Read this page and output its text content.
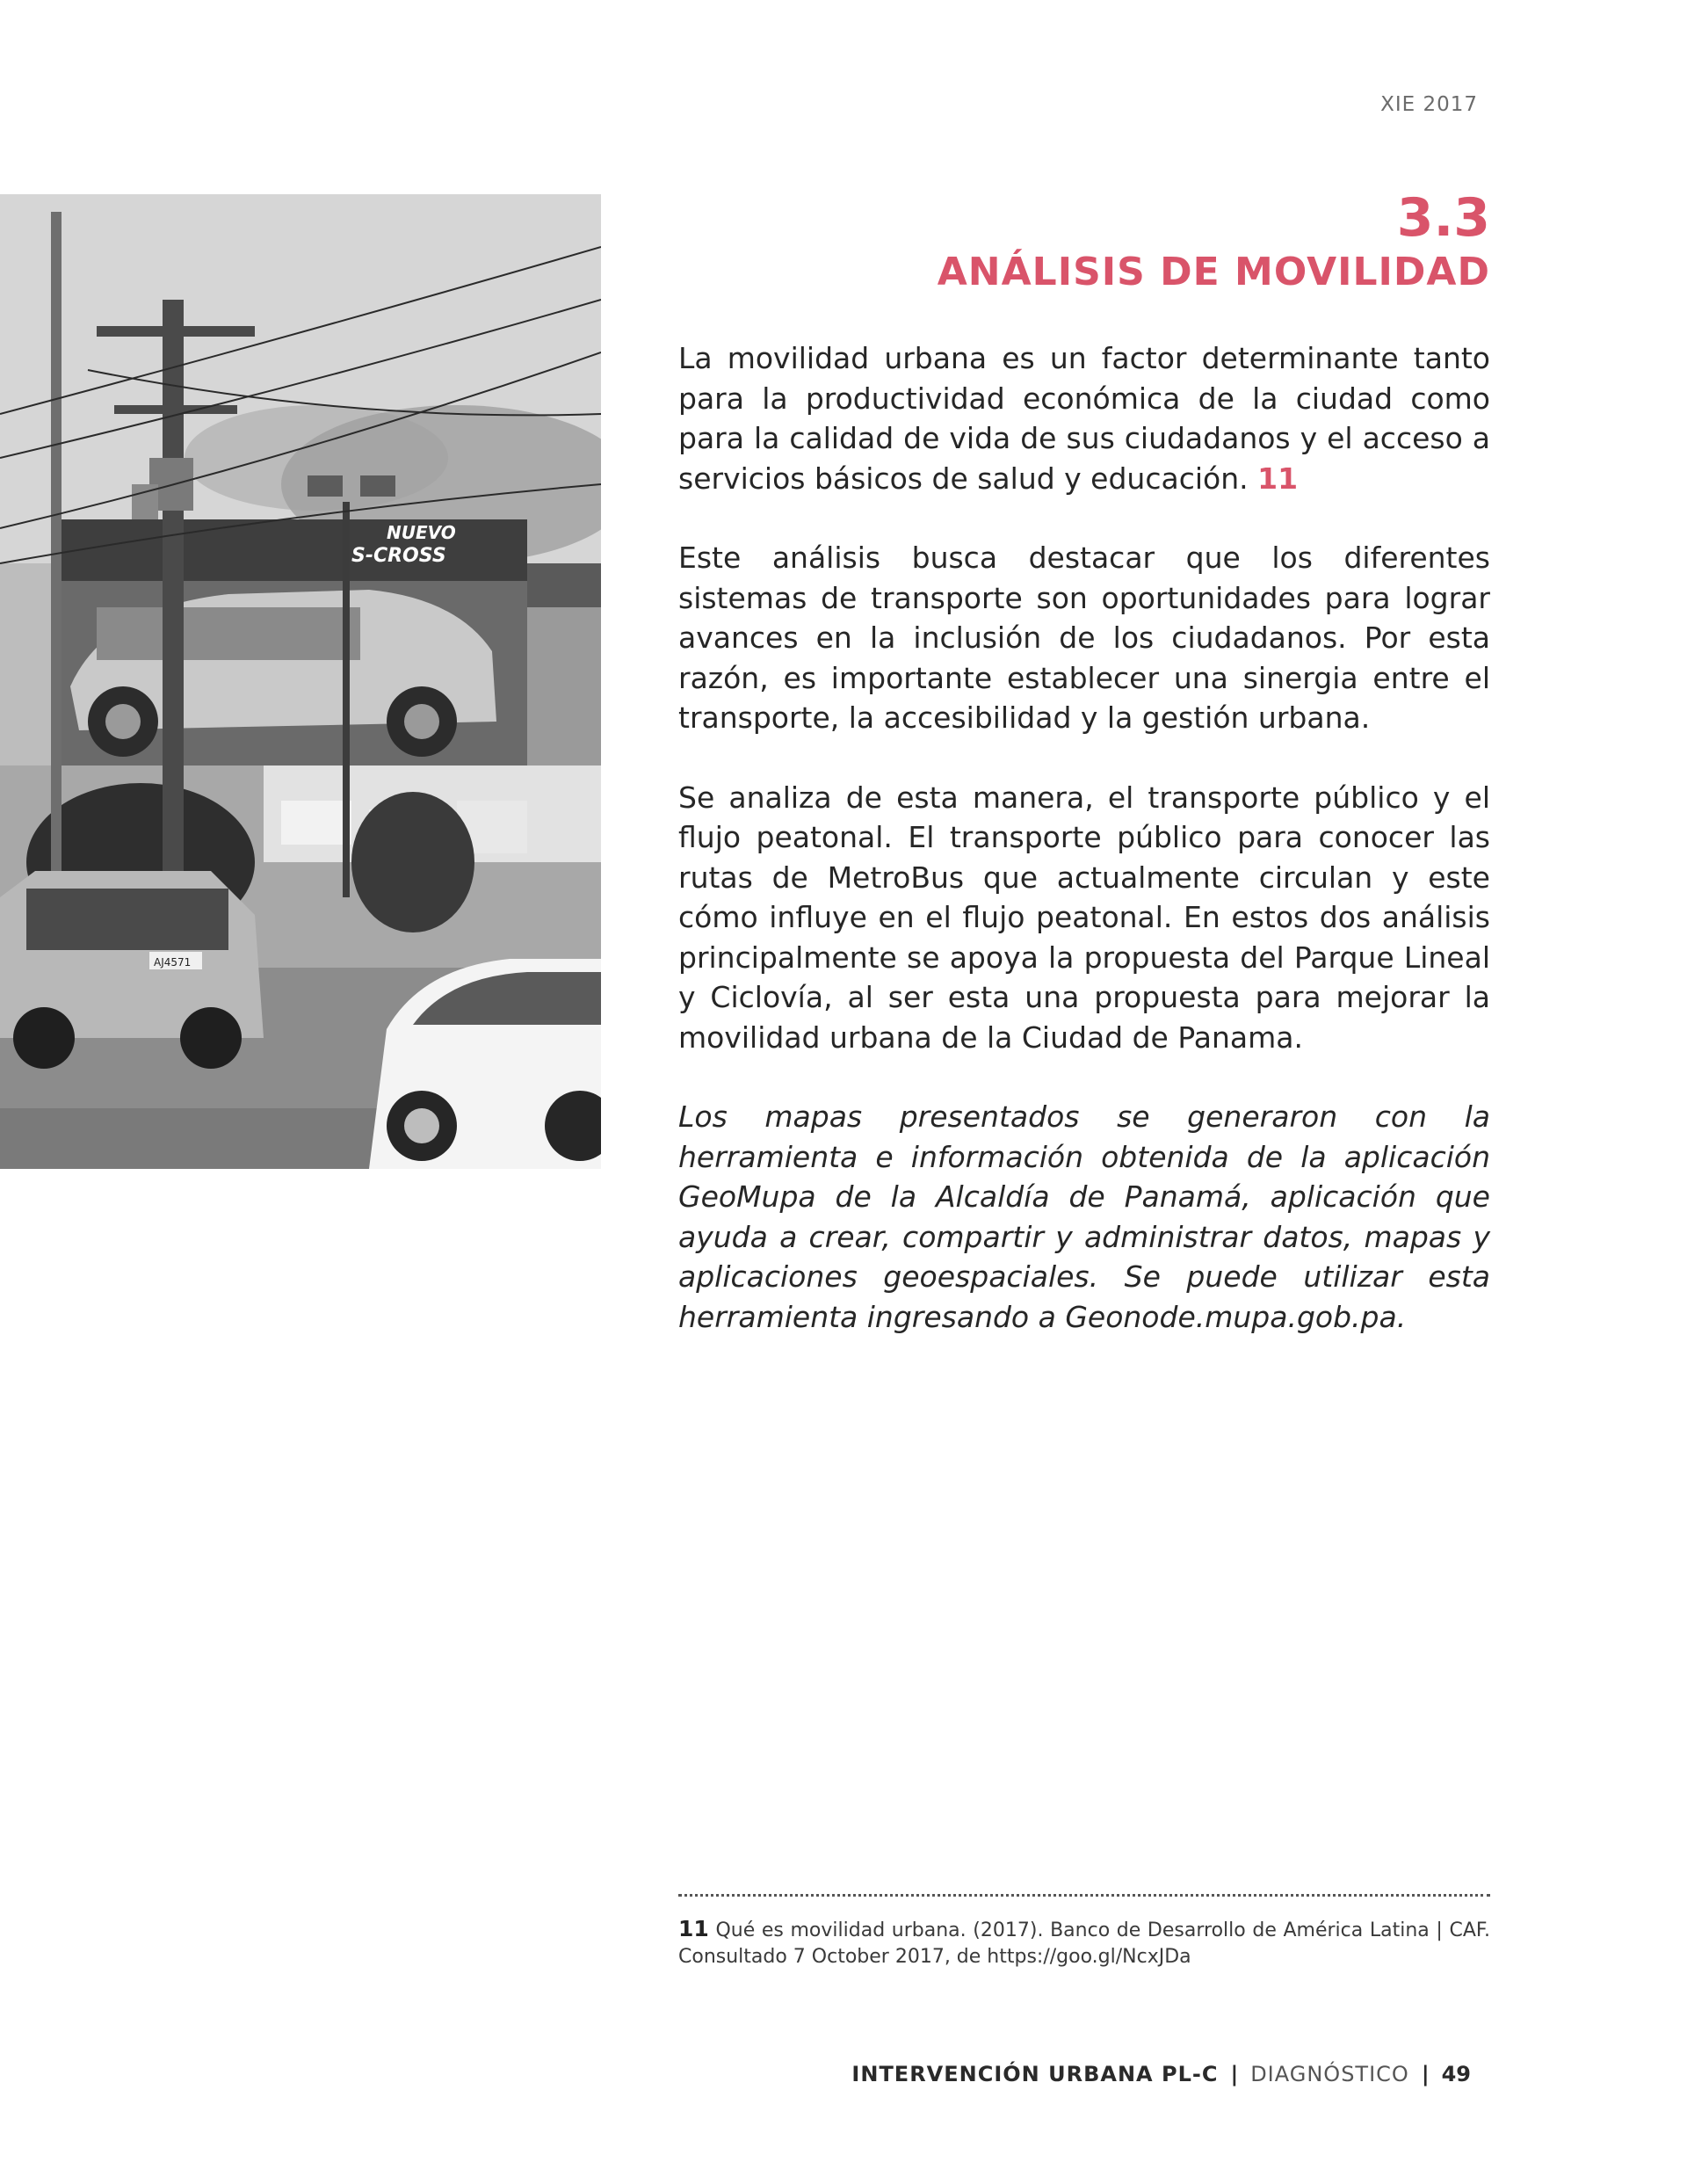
XIE 2017
NUEVO
S-CROSS
AJ4571
3.3
ANÁLISIS DE MOVILIDAD

La movilidad urbana es un factor determinante tanto para la productividad económica de la ciudad como para la calidad de vida de sus ciudadanos y el acceso a servicios básicos de salud y educación. 11

Este análisis busca destacar que los diferentes sistemas de transporte son oportunidades para lograr avances en la inclusión de los ciudadanos. Por esta razón, es importante establecer una sinergia entre el transporte, la accesibilidad y la gestión urbana.

Se analiza de esta manera, el transporte público y el flujo peatonal. El transporte público para conocer las rutas de MetroBus que actualmente circulan y este cómo influye en el flujo peatonal. En estos dos análisis principalmente se apoya la propuesta del Parque Lineal y Ciclovía, al ser esta una propuesta para mejorar la movilidad urbana de la Ciudad de Panama.

Los mapas presentados se generaron con la herramienta e información obtenida de la aplicación GeoMupa de la Alcaldía de Panamá, aplicación que ayuda a crear, compartir y administrar datos, mapas y aplicaciones geoespaciales. Se puede utilizar esta herramienta ingresando a Geonode.mupa.gob.pa.

11 Qué es movilidad urbana. (2017). Banco de Desarrollo de América Latina | CAF. Consultado 7 October 2017, de https://goo.gl/NcxJDa
INTERVENCIÓN URBANA PL-C | DIAGNÓSTICO | 49
